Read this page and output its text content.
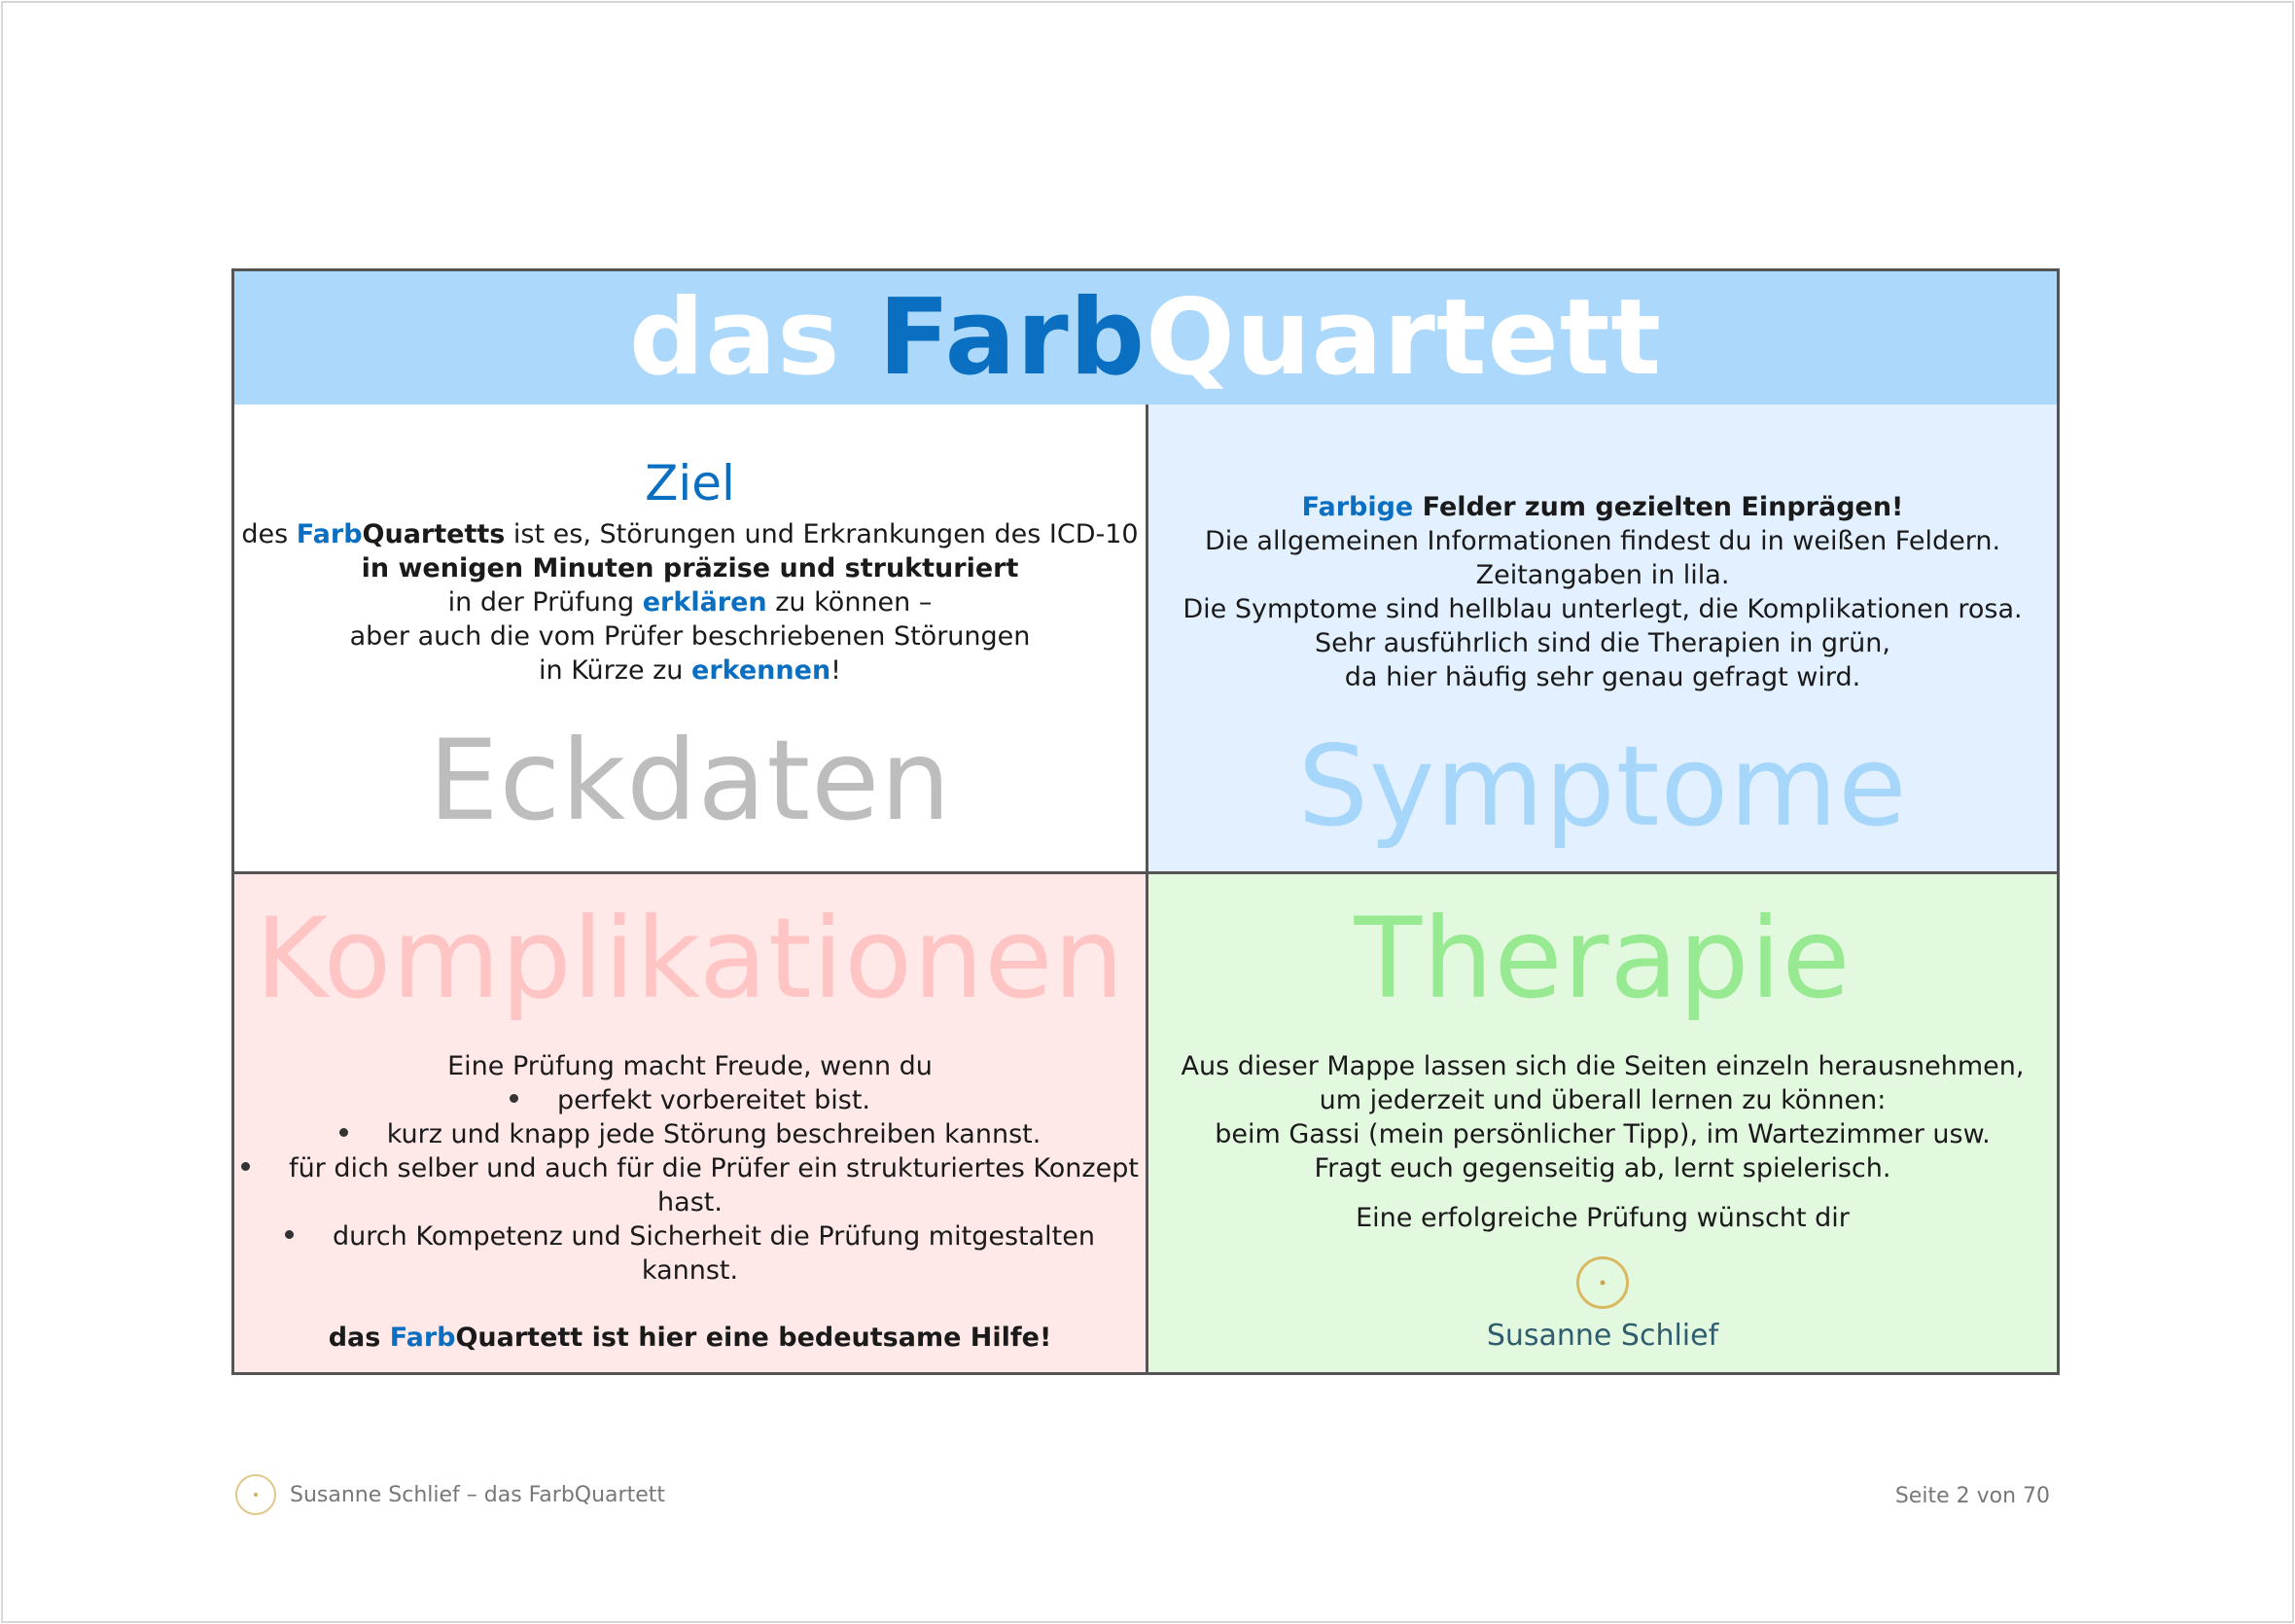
das
Farb Quartett
Ziel
des FarbQuartetts ist es, Störungen und Erkrankungen des ICD-10
in wenigen Minuten präzise und strukturiert
in der Prüfung erklären zu können –
aber auch die vom Prüfer beschriebenen Störungen
in Kürze zu erkennen!
Eckdaten
Farbige Felder zum gezielten Einprägen!
Die allgemeinen Informationen findest du in weißen Feldern.
Zeitangaben in lila.
Die Symptome sind hellblau unterlegt, die Komplikationen rosa.
Sehr ausführlich sind die Therapien in grün,
da hier häufig sehr genau gefragt wird.
Symptome
Komplikationen
Eine Prüfung macht Freude, wenn du
perfekt vorbereitet bist.
kurz und knapp jede Störung beschreiben kannst.
für dich selber und auch für die Prüfer ein strukturiertes Konzept
hast.
durch Kompetenz und Sicherheit die Prüfung mitgestalten kannst.
das FarbQuartett ist hier eine bedeutsame Hilfe!
Therapie
Aus dieser Mappe lassen sich die Seiten einzeln herausnehmen,
um jederzeit und überall lernen zu können:
beim Gassi (mein persönlicher Tipp), im Wartezimmer usw.
Fragt euch gegenseitig ab, lernt spielerisch.
Eine erfolgreiche Prüfung wünscht dir
Susanne Schlief
Susanne Schlief – das FarbQuartett	Seite 2 von 70
